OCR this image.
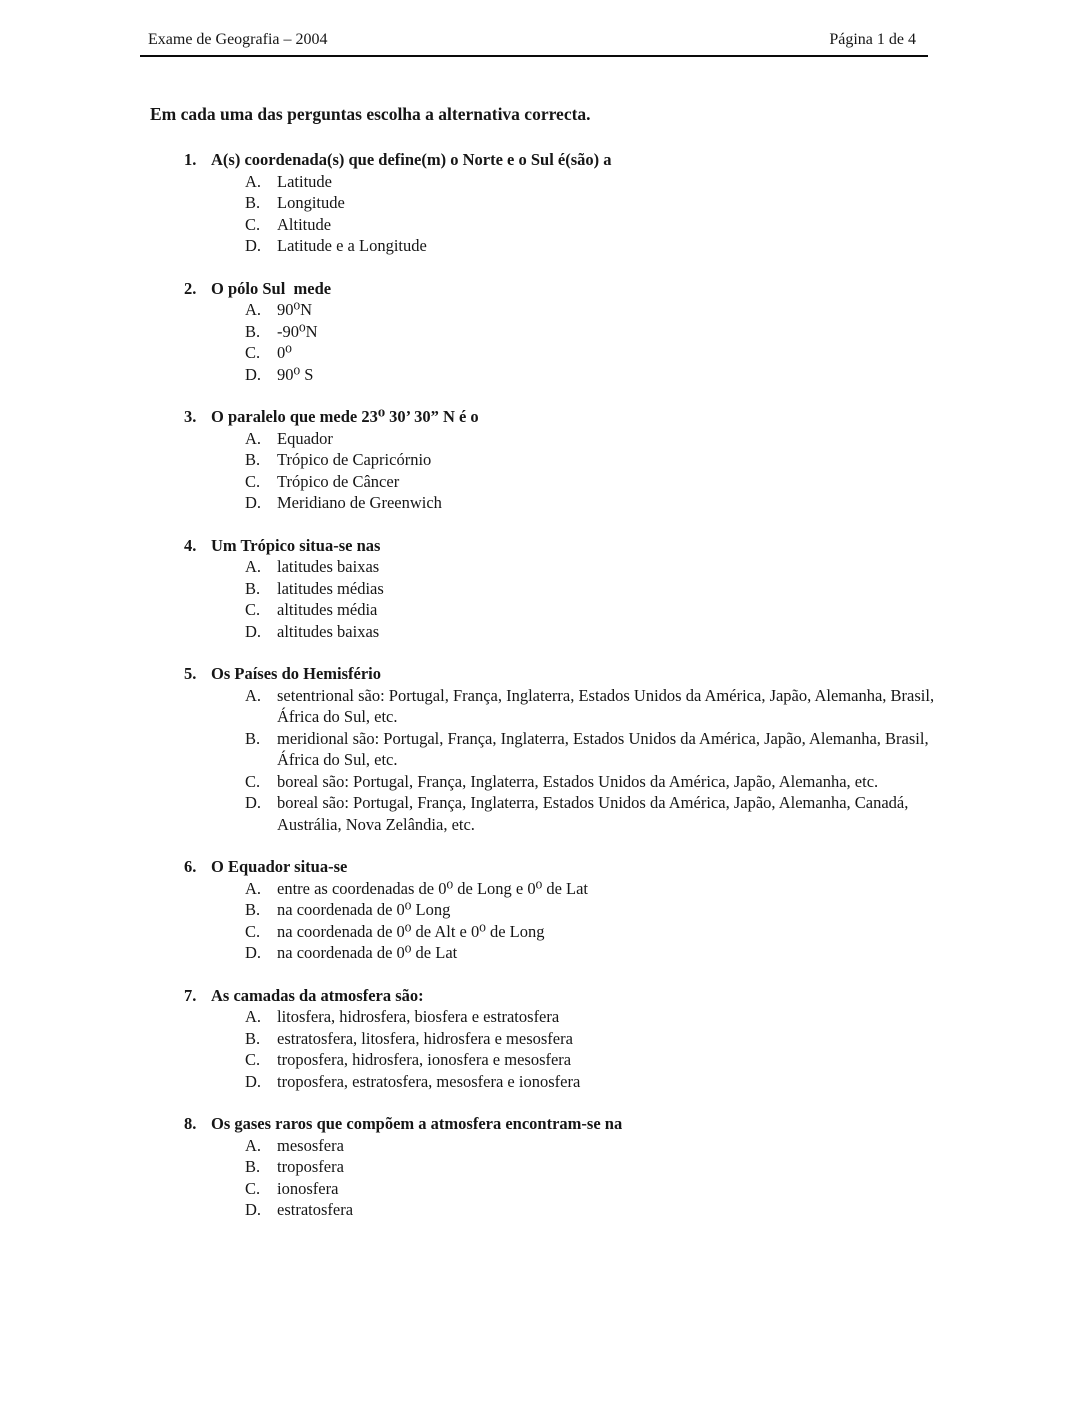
Exame de Geografia – 2004	Página 1 de 4
Em cada uma das perguntas escolha a alternativa correcta.
1. A(s) coordenada(s) que define(m) o Norte e o Sul é(são) a
A. Latitude
B.	Longitude
C.	Altitude
D. Latitude e a Longitude
2. O pólo Sul  mede
A. 90⁰N
B.	-90⁰N
C.	0⁰
D. 90⁰ S
3. O paralelo que mede 23⁰ 30’ 30” N é o
A. Equador
B.	Trópico de Capricórnio
C.	Trópico de Câncer
D. Meridiano de Greenwich
4. Um Trópico situa-se nas
A. latitudes baixas
B.	latitudes médias
C.	altitudes média
D. altitudes baixas
5. Os Países do Hemisfério
A. setentrional são: Portugal, França, Inglaterra, Estados Unidos da América, Japão, Alemanha, Brasil, África do Sul, etc.
B.	meridional são: Portugal, França, Inglaterra, Estados Unidos da América, Japão, Alemanha, Brasil, África do Sul, etc.
C.	boreal são: Portugal, França, Inglaterra, Estados Unidos da América, Japão, Alemanha, etc.
D. boreal são: Portugal, França, Inglaterra, Estados Unidos da América, Japão, Alemanha, Canadá, Austrália, Nova Zelândia, etc.
6. O Equador situa-se
A. entre as coordenadas de 0⁰ de Long e 0⁰ de Lat
B.	na coordenada de 0⁰ Long
C.	na coordenada de 0⁰ de Alt e 0⁰ de Long
D. na coordenada de 0⁰ de Lat
7. As camadas da atmosfera são:
A. litosfera, hidrosfera, biosfera e estratosfera
B.	estratosfera, litosfera, hidrosfera e mesosfera
C.	troposfera, hidrosfera, ionosfera e mesosfera
D. troposfera, estratosfera, mesosfera e ionosfera
8. Os gases raros que compõem a atmosfera encontram-se na
A. mesosfera
B.	troposfera
C.	ionosfera
D. estratosfera
